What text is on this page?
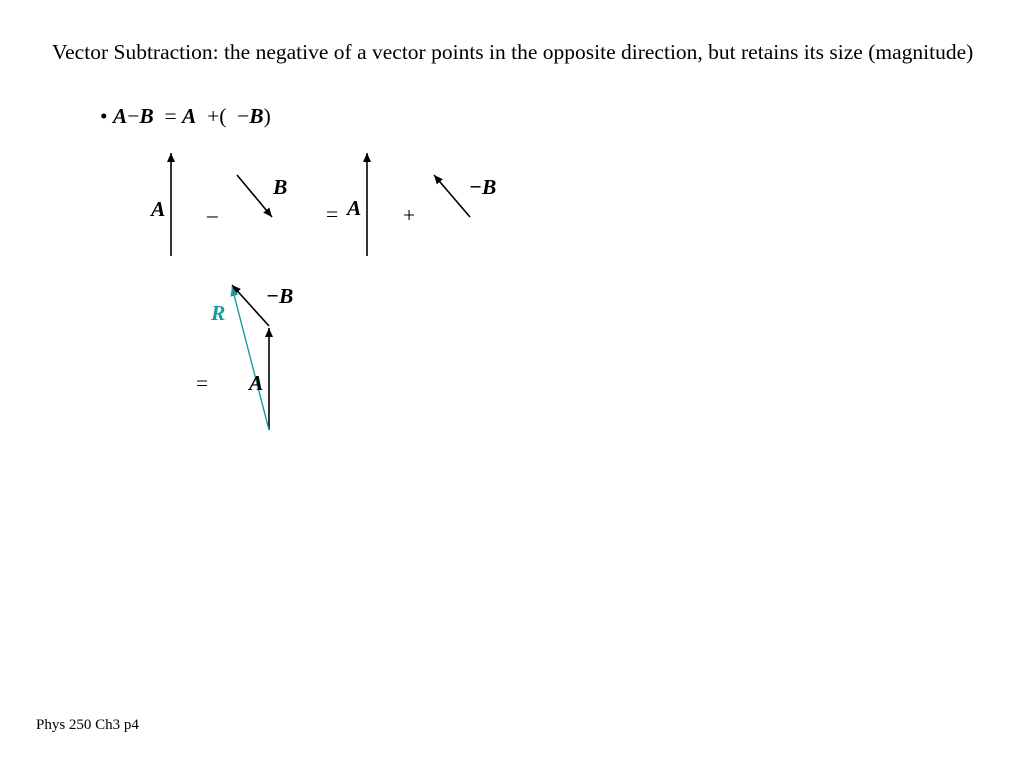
Vector Subtraction: the negative of a vector points in the opposite direction, but retains its size (magnitude)
• A−B = A +( −B)
A –
B
= A +
−B
= A
−B
R
Phys 250 Ch3 p4
